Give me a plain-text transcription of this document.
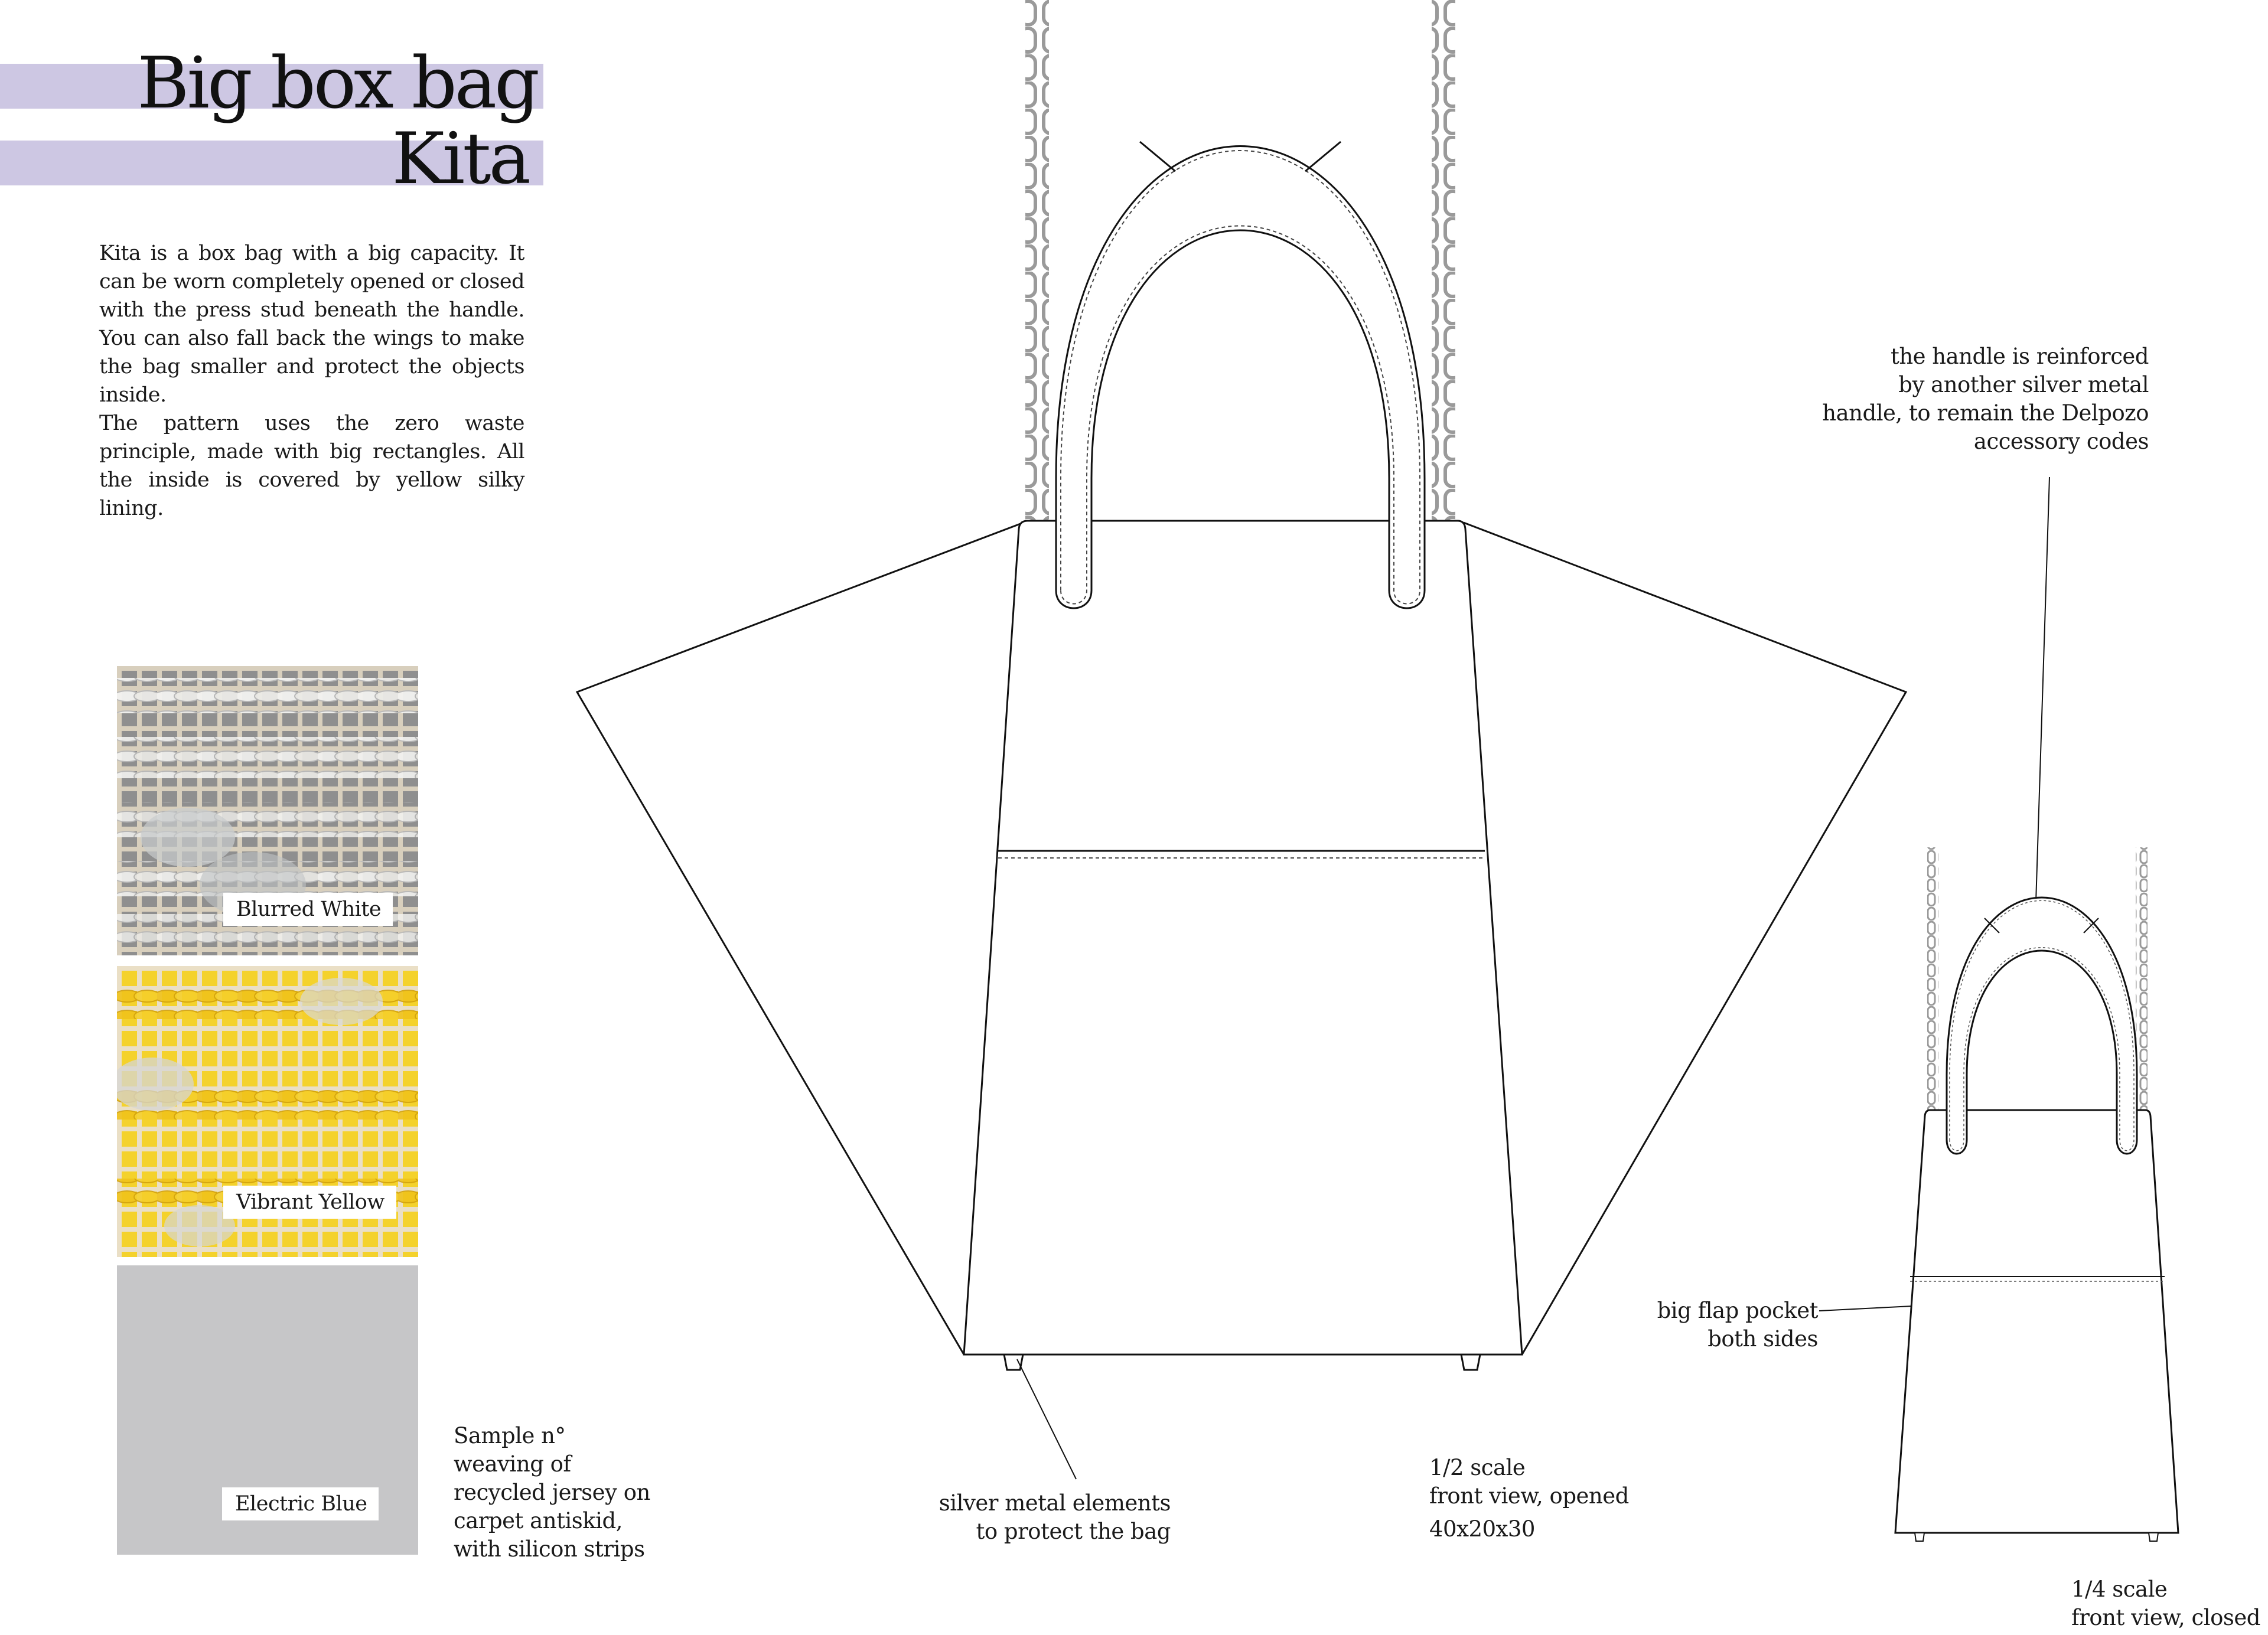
Big box bag
Kita

Kita is a box bag with a big capacity. It can be worn completely opened or closed with the press stud beneath the handle. You can also fall back the wings to make the bag smaller and protect the objects inside.

The pattern uses the zero waste principle, made with big rectangles. All the inside is covered by yellow silky lining.

Blurred White
Vibrant Yellow
Electric Blue
Sample n°
weaving of
recycled jersey on
carpet antiskid,
with silicon strips
the handle is reinforced
by another silver metal
handle, to remain the Delpozo
accessory codes
big flap pocket
both sides
silver metal elements
to protect the bag
1/2 scale
front view, opened
40x20x30
1/4 scale
front view, closed
